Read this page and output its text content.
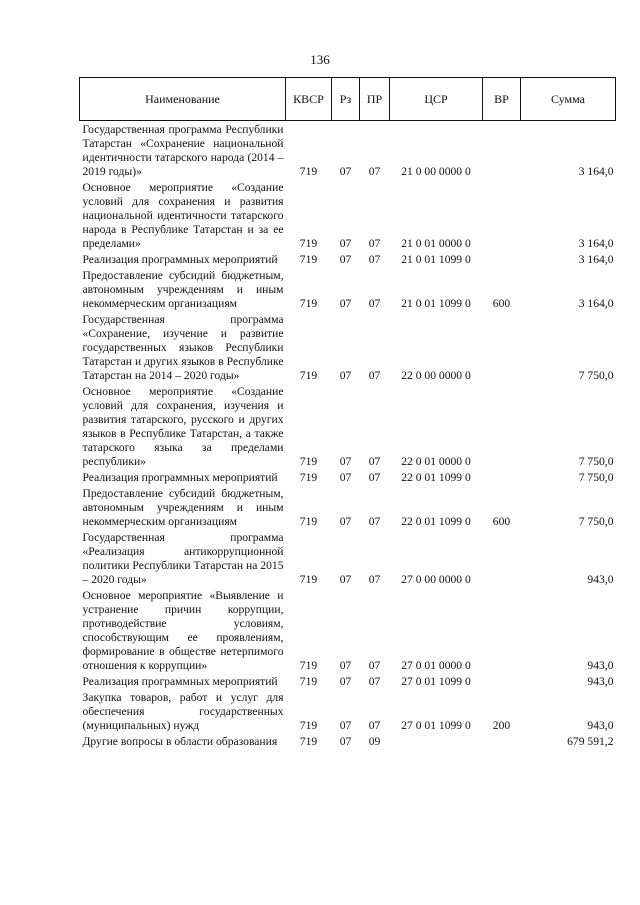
136
Наименование	КВСР	Рз	ПР	ЦСР	ВР	Сумма
Государственная программа Республики Татарстан «Сохранение национальной идентичности татарского народа (2014 – 2019 годы)»	719	07	07	21 0 00 0000 0		3 164,0
Основное мероприятие «Создание условий для сохранения и развития национальной идентичности татарского народа в Республике Татарстан и за ее пределами»	719	07	07	21 0 01 0000 0		3 164,0
Реализация программных мероприятий	719	07	07	21 0 01 1099 0		3 164,0
Предоставление субсидий бюджетным, автономным учреждениям и иным некоммерческим организациям	719	07	07	21 0 01 1099 0	600	3 164,0
Государственная программа «Сохранение, изучение и развитие государственных языков Республики Татарстан и других языков в Республике Татарстан на 2014 – 2020 годы»	719	07	07	22 0 00 0000 0		7 750,0
Основное мероприятие «Создание условий для сохранения, изучения и развития татарского, русского и других языков в Республике Татарстан, а также татарского языка за пределами республики»	719	07	07	22 0 01 0000 0		7 750,0
Реализация программных мероприятий	719	07	07	22 0 01 1099 0		7 750,0
Предоставление субсидий бюджетным, автономным учреждениям и иным некоммерческим организациям	719	07	07	22 0 01 1099 0	600	7 750,0
Государственная программа «Реализация антикоррупционной политики Республики Татарстан на 2015 – 2020 годы»	719	07	07	27 0 00 0000 0		943,0
Основное мероприятие «Выявление и устранение причин коррупции, противодействие условиям, способствующим ее проявлениям, формирование в обществе нетерпимого отношения к коррупции»	719	07	07	27 0 01 0000 0		943,0
Реализация программных мероприятий	719	07	07	27 0 01 1099 0		943,0
Закупка товаров, работ и услуг для обеспечения государственных (муниципальных) нужд	719	07	07	27 0 01 1099 0	200	943,0
Другие вопросы в области образования	719	07	09			679 591,2
